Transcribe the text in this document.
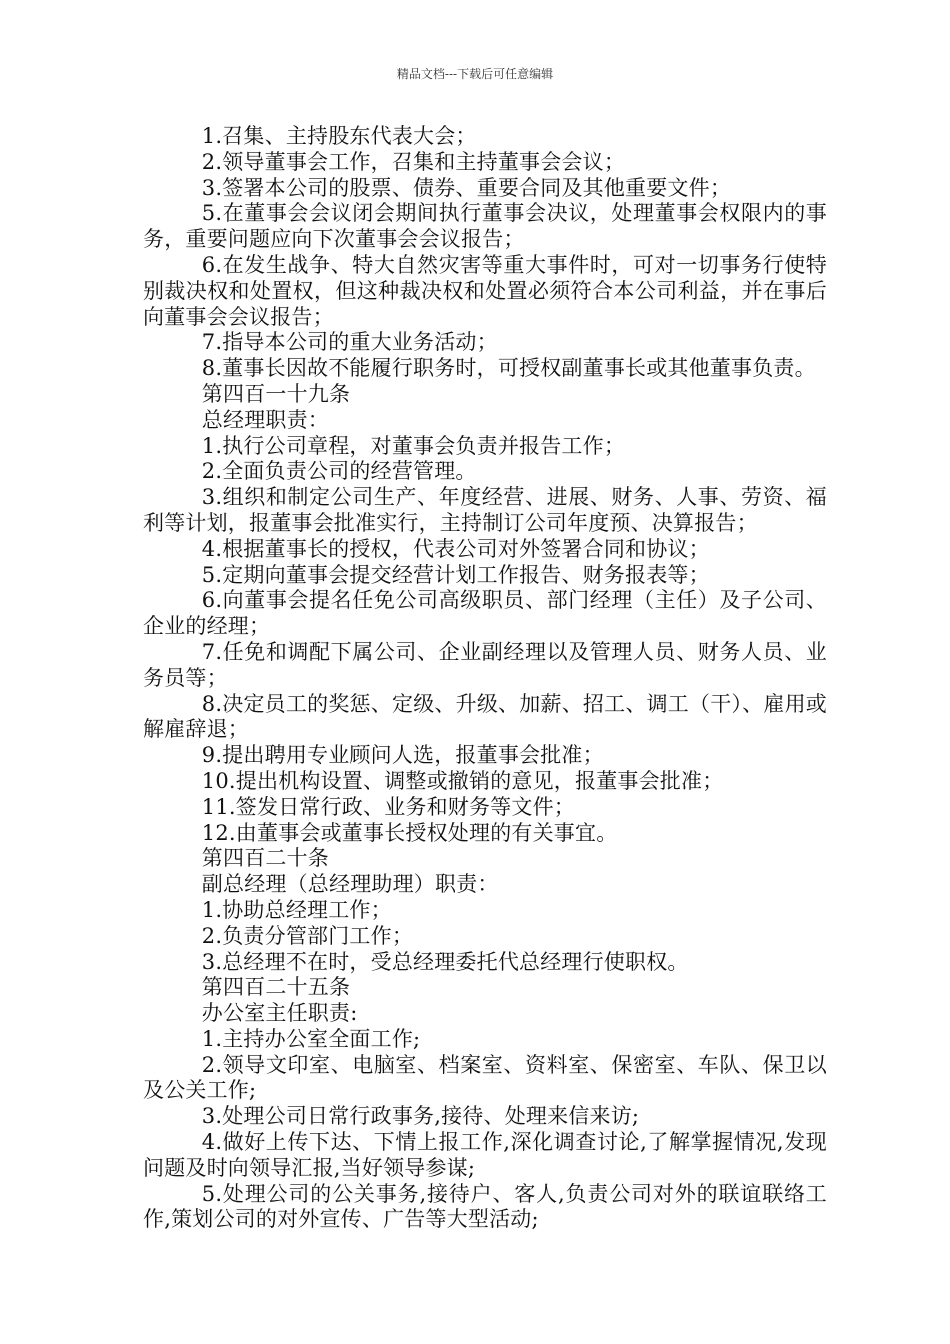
精品文档---下载后可任意编辑

1.召集、主持股东代表大会；

2.领导董事会工作，召集和主持董事会会议；

3.签署本公司的股票、债券、重要合同及其他重要文件；

5.在董事会会议闭会期间执行董事会决议，处理董事会权限内的事务，重要问题应向下次董事会会议报告；

6.在发生战争、特大自然灾害等重大事件时，可对一切事务行使特别裁决权和处置权，但这种裁决权和处置必须符合本公司利益，并在事后向董事会会议报告；

7.指导本公司的重大业务活动；

8.董事长因故不能履行职务时，可授权副董事长或其他董事负责。

第四百一十九条

总经理职责：

1.执行公司章程，对董事会负责并报告工作；

2.全面负责公司的经营管理。

3.组织和制定公司生产、年度经营、进展、财务、人事、劳资、福利等计划，报董事会批准实行，主持制订公司年度预、决算报告；

4.根据董事长的授权，代表公司对外签署合同和协议；

5.定期向董事会提交经营计划工作报告、财务报表等；

6.向董事会提名任免公司高级职员、部门经理（主任）及子公司、企业的经理；

7.任免和调配下属公司、企业副经理以及管理人员、财务人员、业务员等；

8.决定员工的奖惩、定级、升级、加薪、招工、调工（干）、雇用或解雇辞退；

9.提出聘用专业顾问人选，报董事会批准；

10.提出机构设置、调整或撤销的意见，报董事会批准；

11.签发日常行政、业务和财务等文件；

12.由董事会或董事长授权处理的有关事宜。

第四百二十条

副总经理（总经理助理）职责：

1.协助总经理工作；

2.负责分管部门工作；

3.总经理不在时，受总经理委托代总经理行使职权。

第四百二十五条

办公室主任职责:

1.主持办公室全面工作;

2.领导文印室、电脑室、档案室、资料室、保密室、车队、保卫以及公关工作;

3.处理公司日常行政事务,接待、处理来信来访;

4.做好上传下达、下情上报工作,深化调查讨论,了解掌握情况,发现问题及时向领导汇报,当好领导参谋;

5.处理公司的公关事务,接待户、客人,负责公司对外的联谊联络工作,策划公司的对外宣传、广告等大型活动;
